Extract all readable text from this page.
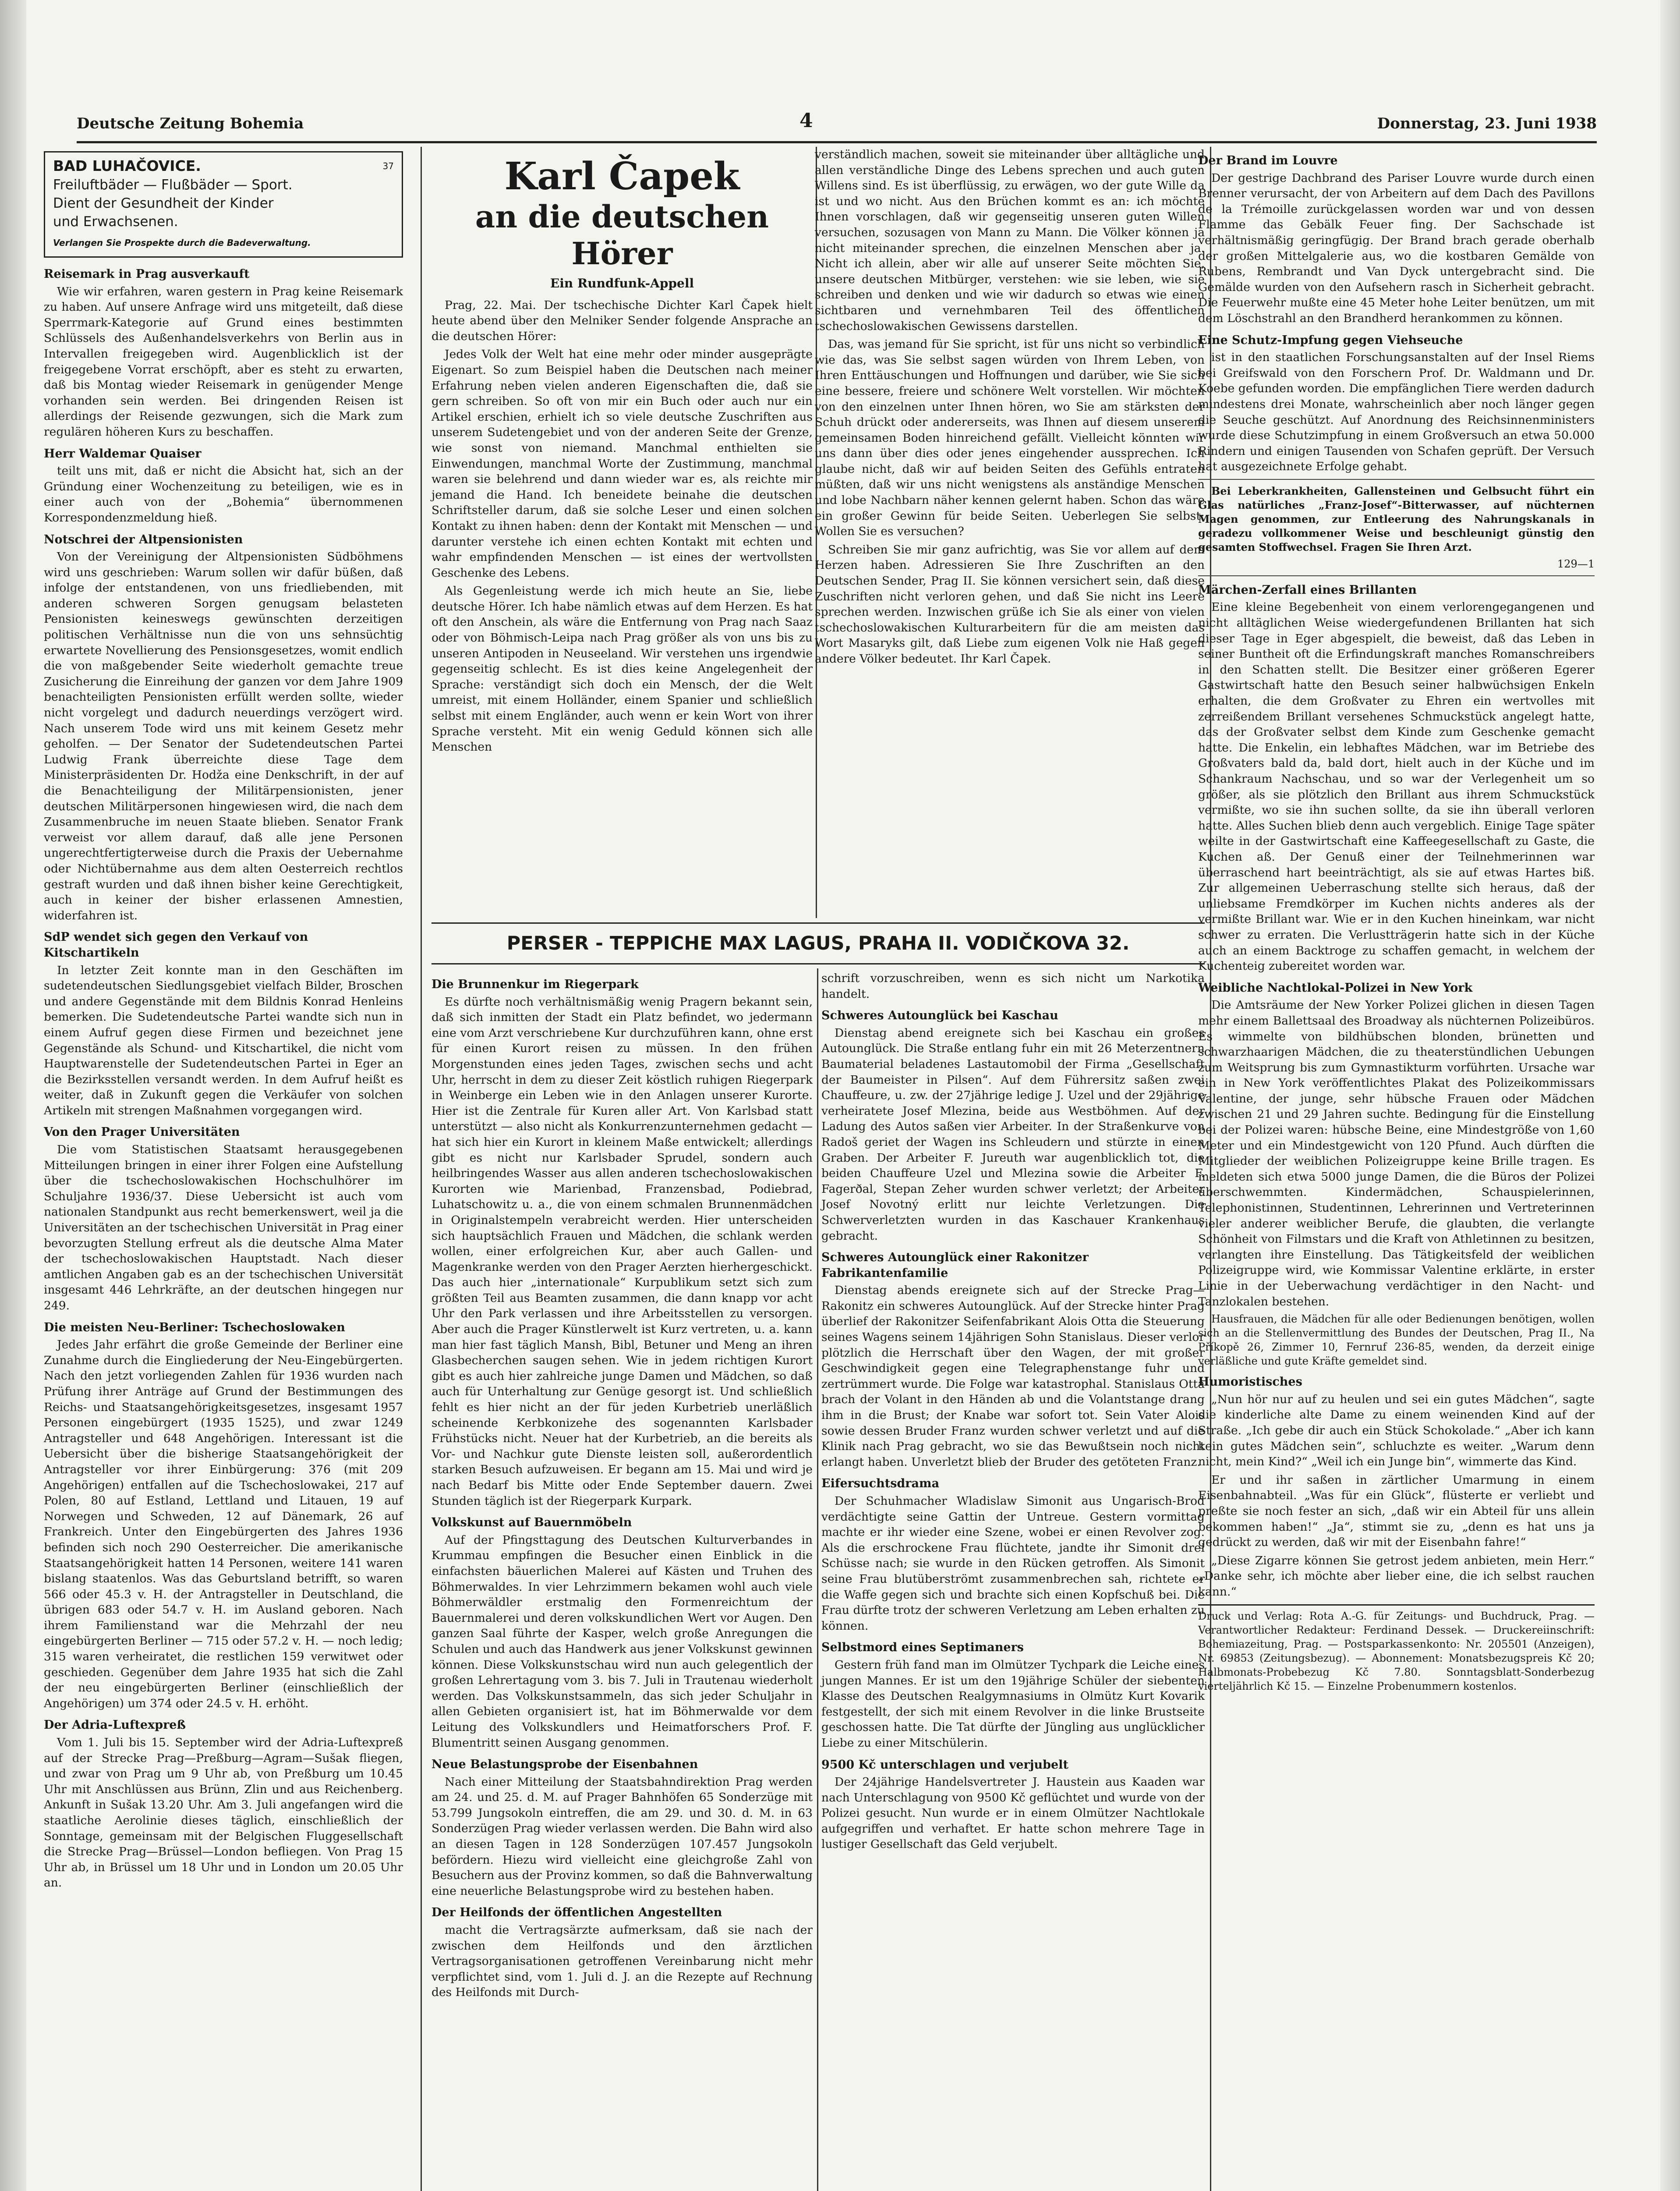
Deutsche Zeitung Bohemia	4	Donnerstag, 23. Juni 1938
BAD LUHAČOVICE.	37
Freiluftbäder — Flußbäder — Sport.
Dient der Gesundheit der Kinder
und Erwachsenen.
Verlangen Sie Prospekte durch die Badeverwaltung.
Reisemark in Prag ausverkauft

Wie wir erfahren, waren gestern in Prag keine Reisemark zu haben. Auf unsere Anfrage wird uns mitgeteilt, daß diese Sperrmark-Kategorie auf Grund eines bestimmten Schlüssels des Außenhandelsverkehrs von Berlin aus in Intervallen freigegeben wird. Augenblicklich ist der freigegebene Vorrat erschöpft, aber es steht zu erwarten, daß bis Montag wieder Reisemark in genügender Menge vorhanden sein werden. Bei dringenden Reisen ist allerdings der Reisende gezwungen, sich die Mark zum regulären höheren Kurs zu beschaffen.

Herr Waldemar Quaiser

teilt uns mit, daß er nicht die Absicht hat, sich an der Gründung einer Wochenzeitung zu beteiligen, wie es in einer auch von der „Bohemia“ übernommenen Korrespondenzmeldung hieß.

Notschrei der Altpensionisten

Von der Vereinigung der Altpensionisten Südböhmens wird uns geschrieben: Warum sollen wir dafür büßen, daß infolge der entstandenen, von uns friedliebenden, mit anderen schweren Sorgen genugsam belasteten Pensionisten keineswegs gewünschten derzeitigen politischen Verhältnisse nun die von uns sehnsüchtig erwartete Novellierung des Pensionsgesetzes, womit endlich die von maßgebender Seite wiederholt gemachte treue Zusicherung die Einreihung der ganzen vor dem Jahre 1909 benachteiligten Pensionisten erfüllt werden sollte, wieder nicht vorgelegt und dadurch neuerdings verzögert wird. Nach unserem Tode wird uns mit keinem Gesetz mehr geholfen. — Der Senator der Sudetendeutschen Partei Ludwig Frank überreichte diese Tage dem Ministerpräsidenten Dr. Hodža eine Denkschrift, in der auf die Benachteiligung der Militärpensionisten, jener deutschen Militärpersonen hingewiesen wird, die nach dem Zusammenbruche im neuen Staate blieben. Senator Frank verweist vor allem darauf, daß alle jene Personen ungerechtfertigterweise durch die Praxis der Uebernahme oder Nichtübernahme aus dem alten Oesterreich rechtlos gestraft wurden und daß ihnen bisher keine Gerechtigkeit, auch in keiner der bisher erlassenen Amnestien, widerfahren ist.

SdP wendet sich gegen den Verkauf von Kitschartikeln

In letzter Zeit konnte man in den Geschäften im sudetendeutschen Siedlungsgebiet vielfach Bilder, Broschen und andere Gegenstände mit dem Bildnis Konrad Henleins bemerken. Die Sudetendeutsche Partei wandte sich nun in einem Aufruf gegen diese Firmen und bezeichnet jene Gegenstände als Schund- und Kitschartikel, die nicht vom Hauptwarenstelle der Sudetendeutschen Partei in Eger an die Bezirksstellen versandt werden. In dem Aufruf heißt es weiter, daß in Zukunft gegen die Verkäufer von solchen Artikeln mit strengen Maßnahmen vorgegangen wird.

Von den Prager Universitäten

Die vom Statistischen Staatsamt herausgegebenen Mitteilungen bringen in einer ihrer Folgen eine Aufstellung über die tschechoslowakischen Hochschulhörer im Schuljahre 1936/37. Diese Uebersicht ist auch vom nationalen Standpunkt aus recht bemerkenswert, weil ja die Universitäten an der tschechischen Universität in Prag einer bevorzugten Stellung erfreut als die deutsche Alma Mater der tschechoslowakischen Hauptstadt. Nach dieser amtlichen Angaben gab es an der tschechischen Universität insgesamt 446 Lehrkräfte, an der deutschen hingegen nur 249.

Die meisten Neu-Berliner: Tschechoslowaken

Jedes Jahr erfährt die große Gemeinde der Berliner eine Zunahme durch die Eingliederung der Neu-Eingebürgerten. Nach den jetzt vorliegenden Zahlen für 1936 wurden nach Prüfung ihrer Anträge auf Grund der Bestimmungen des Reichs- und Staatsangehörigkeitsgesetzes, insgesamt 1957 Personen eingebürgert (1935 1525), und zwar 1249 Antragsteller und 648 Angehörigen. Interessant ist die Uebersicht über die bisherige Staatsangehörigkeit der Antragsteller vor ihrer Einbürgerung: 376 (mit 209 Angehörigen) entfallen auf die Tschechoslowakei, 217 auf Polen, 80 auf Estland, Lettland und Litauen, 19 auf Norwegen und Schweden, 12 auf Dänemark, 26 auf Frankreich. Unter den Eingebürgerten des Jahres 1936 befinden sich noch 290 Oesterreicher. Die amerikanische Staatsangehörigkeit hatten 14 Personen, weitere 141 waren bislang staatenlos. Was das Geburtsland betrifft, so waren 566 oder 45.3 v. H. der Antragsteller in Deutschland, die übrigen 683 oder 54.7 v. H. im Ausland geboren. Nach ihrem Familienstand war die Mehrzahl der neu eingebürgerten Berliner — 715 oder 57.2 v. H. — noch ledig; 315 waren verheiratet, die restlichen 159 verwitwet oder geschieden. Gegenüber dem Jahre 1935 hat sich die Zahl der neu eingebürgerten Berliner (einschließlich der Angehörigen) um 374 oder 24.5 v. H. erhöht.

Der Adria-Luftexpreß

Vom 1. Juli bis 15. September wird der Adria-Luftexpreß auf der Strecke Prag—Preßburg—Agram—Sušak fliegen, und zwar von Prag um 9 Uhr ab, von Preßburg um 10.45 Uhr mit Anschlüssen aus Brünn, Zlin und aus Reichenberg. Ankunft in Sušak 13.20 Uhr. Am 3. Juli angefangen wird die staatliche Aerolinie dieses täglich, einschließlich der Sonntage, gemeinsam mit der Belgischen Fluggesellschaft die Strecke Prag—Brüssel—London befliegen. Von Prag 15 Uhr ab, in Brüssel um 18 Uhr und in London um 20.05 Uhr an.

Karl Čapek
an die deutschen Hörer
Ein Rundfunk-Appell

Prag, 22. Mai. Der tschechische Dichter Karl Čapek hielt heute abend über den Melniker Sender folgende Ansprache an die deutschen Hörer:

Jedes Volk der Welt hat eine mehr oder minder ausgeprägte Eigenart. So zum Beispiel haben die Deutschen nach meiner Erfahrung neben vielen anderen Eigenschaften die, daß sie gern schreiben. So oft von mir ein Buch oder auch nur ein Artikel erschien, erhielt ich so viele deutsche Zuschriften aus unserem Sudetengebiet und von der anderen Seite der Grenze, wie sonst von niemand. Manchmal enthielten sie Einwendungen, manchmal Worte der Zustimmung, manchmal waren sie belehrend und dann wieder war es, als reichte mir jemand die Hand. Ich beneidete beinahe die deutschen Schriftsteller darum, daß sie solche Leser und einen solchen Kontakt zu ihnen haben: denn der Kontakt mit Menschen — und darunter verstehe ich einen echten Kontakt mit echten und wahr empfindenden Menschen — ist eines der wertvollsten Geschenke des Lebens.

Als Gegenleistung werde ich mich heute an Sie, liebe deutsche Hörer. Ich habe nämlich etwas auf dem Herzen. Es hat oft den Anschein, als wäre die Entfernung von Prag nach Saaz oder von Böhmisch-Leipa nach Prag größer als von uns bis zu unseren Antipoden in Neuseeland. Wir verstehen uns irgendwie gegenseitig schlecht. Es ist dies keine Angelegenheit der Sprache: verständigt sich doch ein Mensch, der die Welt umreist, mit einem Holländer, einem Spanier und schließlich selbst mit einem Engländer, auch wenn er kein Wort von ihrer Sprache versteht. Mit ein wenig Geduld können sich alle Menschen

verständlich machen, soweit sie miteinander über alltägliche und allen verständliche Dinge des Lebens sprechen und auch guten Willens sind. Es ist überflüssig, zu erwägen, wo der gute Wille da ist und wo nicht. Aus den Brüchen kommt es an: ich möchte Ihnen vorschlagen, daß wir gegenseitig unseren guten Willen versuchen, sozusagen von Mann zu Mann. Die Völker können ja nicht miteinander sprechen, die einzelnen Menschen aber ja. Nicht ich allein, aber wir alle auf unserer Seite möchten Sie, unsere deutschen Mitbürger, verstehen: wie sie leben, wie sie schreiben und denken und wie wir dadurch so etwas wie einen sichtbaren und vernehmbaren Teil des öffentlichen tschechoslowakischen Gewissens darstellen.

Das, was jemand für Sie spricht, ist für uns nicht so verbindlich wie das, was Sie selbst sagen würden von Ihrem Leben, von Ihren Enttäuschungen und Hoffnungen und darüber, wie Sie sich eine bessere, freiere und schönere Welt vorstellen. Wir möchten von den einzelnen unter Ihnen hören, wo Sie am stärksten der Schuh drückt oder andererseits, was Ihnen auf diesem unserem gemeinsamen Boden hinreichend gefällt. Vielleicht könnten wir uns dann über dies oder jenes eingehender aussprechen. Ich glaube nicht, daß wir auf beiden Seiten des Gefühls entraten müßten, daß wir uns nicht wenigstens als anständige Menschen und lobe Nachbarn näher kennen gelernt haben. Schon das wäre ein großer Gewinn für beide Seiten. Ueberlegen Sie selbst: Wollen Sie es versuchen?

Schreiben Sie mir ganz aufrichtig, was Sie vor allem auf dem Herzen haben. Adressieren Sie Ihre Zuschriften an den Deutschen Sender, Prag II. Sie können versichert sein, daß diese Zuschriften nicht verloren gehen, und daß Sie nicht ins Leere sprechen werden. Inzwischen grüße ich Sie als einer von vielen tschechoslowakischen Kulturarbeitern für die am meisten das Wort Masaryks gilt, daß Liebe zum eigenen Volk nie Haß gegen andere Völker bedeutet. Ihr Karl Čapek.

PERSER - TEPPICHE MAX LAGUS, PRAHA II. VODIČKOVA 32.
Die Brunnenkur im Riegerpark

Es dürfte noch verhältnismäßig wenig Pragern bekannt sein, daß sich inmitten der Stadt ein Platz befindet, wo jedermann eine vom Arzt verschriebene Kur durchzuführen kann, ohne erst für einen Kurort reisen zu müssen. In den frühen Morgenstunden eines jeden Tages, zwischen sechs und acht Uhr, herrscht in dem zu dieser Zeit köstlich ruhigen Riegerpark in Weinberge ein Leben wie in den Anlagen unserer Kurorte. Hier ist die Zentrale für Kuren aller Art. Von Karlsbad statt unterstützt — also nicht als Konkurrenzunternehmen gedacht — hat sich hier ein Kurort in kleinem Maße entwickelt; allerdings gibt es nicht nur Karlsbader Sprudel, sondern auch heilbringendes Wasser aus allen anderen tschechoslowakischen Kurorten wie Marienbad, Franzensbad, Podiebrad, Luhatschowitz u. a., die von einem schmalen Brunnenmädchen in Originalstempeln verabreicht werden. Hier unterscheiden sich hauptsächlich Frauen und Mädchen, die schlank werden wollen, einer erfolgreichen Kur, aber auch Gallen- und Magenkranke werden von den Prager Aerzten hierhergeschickt. Das auch hier „internationale“ Kurpublikum setzt sich zum größten Teil aus Beamten zusammen, die dann knapp vor acht Uhr den Park verlassen und ihre Arbeitsstellen zu versorgen. Aber auch die Prager Künstlerwelt ist Kurz vertreten, u. a. kann man hier fast täglich Mansh, Bibl, Betuner und Meng an ihren Glasbecherchen saugen sehen. Wie in jedem richtigen Kurort gibt es auch hier zahlreiche junge Damen und Mädchen, so daß auch für Unterhaltung zur Genüge gesorgt ist. Und schließlich fehlt es hier nicht an der für jeden Kurbetrieb unerläßlich scheinende Kerbkonizehe des sogenannten Karlsbader Frühstücks nicht. Neuer hat der Kurbetrieb, an die bereits als Vor- und Nachkur gute Dienste leisten soll, außerordentlich starken Besuch aufzuweisen. Er begann am 15. Mai und wird je nach Bedarf bis Mitte oder Ende September dauern. Zwei Stunden täglich ist der Riegerpark Kurpark.

Volkskunst auf Bauernmöbeln

Auf der Pfingsttagung des Deutschen Kulturverbandes in Krummau empfingen die Besucher einen Einblick in die einfachsten bäuerlichen Malerei auf Kästen und Truhen des Böhmerwaldes. In vier Lehrzimmern bekamen wohl auch viele Böhmerwäldler erstmalig den Formenreichtum der Bauernmalerei und deren volkskundlichen Wert vor Augen. Den ganzen Saal führte der Kasper, welch große Anregungen die Schulen und auch das Handwerk aus jener Volkskunst gewinnen können. Diese Volkskunstschau wird nun auch gelegentlich der großen Lehrertagung vom 3. bis 7. Juli in Trautenau wiederholt werden. Das Volkskunstsammeln, das sich jeder Schuljahr in allen Gebieten organisiert ist, hat im Böhmerwalde vor dem Leitung des Volkskundlers und Heimatforschers Prof. F. Blumentritt seinen Ausgang genommen.

Neue Belastungsprobe der Eisenbahnen

Nach einer Mitteilung der Staatsbahndirektion Prag werden am 24. und 25. d. M. auf Prager Bahnhöfen 65 Sonderzüge mit 53.799 Jungsokoln eintreffen, die am 29. und 30. d. M. in 63 Sonderzügen Prag wieder verlassen werden. Die Bahn wird also an diesen Tagen in 128 Sonderzügen 107.457 Jungsokoln befördern. Hiezu wird vielleicht eine gleichgroße Zahl von Besuchern aus der Provinz kommen, so daß die Bahnverwaltung eine neuerliche Belastungsprobe wird zu bestehen haben.

Der Heilfonds der öffentlichen Angestellten

macht die Vertragsärzte aufmerksam, daß sie nach der zwischen dem Heilfonds und den ärztlichen Vertragsorganisationen getroffenen Vereinbarung nicht mehr verpflichtet sind, vom 1. Juli d. J. an die Rezepte auf Rechnung des Heilfonds mit Durch-

schrift vorzuschreiben, wenn es sich nicht um Narkotika handelt.

Schweres Autounglück bei Kaschau

Dienstag abend ereignete sich bei Kaschau ein großes Autounglück. Die Straße entlang fuhr ein mit 26 Meterzentnern Baumaterial beladenes Lastautomobil der Firma „Gesellschaft der Baumeister in Pilsen“. Auf dem Führersitz saßen zwei Chauffeure, u. zw. der 27jährige ledige J. Uzel und der 29jährige verheiratete Josef Mlezina, beide aus Westböhmen. Auf der Ladung des Autos saßen vier Arbeiter. In der Straßenkurve von Radoš geriet der Wagen ins Schleudern und stürzte in einen Graben. Der Arbeiter F. Jureuth war augenblicklich tot, die beiden Chauffeure Uzel und Mlezina sowie die Arbeiter F. Fagerðal, Stepan Zeher wurden schwer verletzt; der Arbeiter Josef Novotný erlitt nur leichte Verletzungen. Die Schwerverletzten wurden in das Kaschauer Krankenhaus gebracht.

Schweres Autounglück einer Rakonitzer Fabrikantenfamilie

Dienstag abends ereignete sich auf der Strecke Prag—Rakonitz ein schweres Autounglück. Auf der Strecke hinter Prag überlief der Rakonitzer Seifenfabrikant Alois Otta die Steuerung seines Wagens seinem 14jährigen Sohn Stanislaus. Dieser verlor plötzlich die Herrschaft über den Wagen, der mit großer Geschwindigkeit gegen eine Telegraphenstange fuhr und zertrümmert wurde. Die Folge war katastrophal. Stanislaus Otta brach der Volant in den Händen ab und die Volantstange drang ihm in die Brust; der Knabe war sofort tot. Sein Vater Alois sowie dessen Bruder Franz wurden schwer verletzt und auf die Klinik nach Prag gebracht, wo sie das Bewußtsein noch nicht erlangt haben. Unverletzt blieb der Bruder des getöteten Franz.

Eifersuchtsdrama

Der Schuhmacher Wladislaw Simonit aus Ungarisch-Brod verdächtigte seine Gattin der Untreue. Gestern vormittag machte er ihr wieder eine Szene, wobei er einen Revolver zog. Als die erschrockene Frau flüchtete, jandte ihr Simonit drei Schüsse nach; sie wurde in den Rücken getroffen. Als Simonit seine Frau blutüberströmt zusammenbrechen sah, richtete er die Waffe gegen sich und brachte sich einen Kopfschuß bei. Die Frau dürfte trotz der schweren Verletzung am Leben erhalten zu können.

Selbstmord eines Septimaners

Gestern früh fand man im Olmützer Tychpark die Leiche eines jungen Mannes. Er ist um den 19jährige Schüler der siebenten Klasse des Deutschen Realgymnasiums in Olmütz Kurt Kovarik festgestellt, der sich mit einem Revolver in die linke Brustseite geschossen hatte. Die Tat dürfte der Jüngling aus unglücklicher Liebe zu einer Mitschülerin.

9500 Kč unterschlagen und verjubelt

Der 24jährige Handelsvertreter J. Haustein aus Kaaden war nach Unterschlagung von 9500 Kč geflüchtet und wurde von der Polizei gesucht. Nun wurde er in einem Olmützer Nachtlokale aufgegriffen und verhaftet. Er hatte schon mehrere Tage in lustiger Gesellschaft das Geld verjubelt.

Der Brand im Louvre

Der gestrige Dachbrand des Pariser Louvre wurde durch einen Brenner verursacht, der von Arbeitern auf dem Dach des Pavillons de la Trémoille zurückgelassen worden war und von dessen Flamme das Gebälk Feuer fing. Der Sachschade ist verhältnismäßig geringfügig. Der Brand brach gerade oberhalb der großen Mittelgalerie aus, wo die kostbaren Gemälde von Rubens, Rembrandt und Van Dyck untergebracht sind. Die Gemälde wurden von den Aufsehern rasch in Sicherheit gebracht. Die Feuerwehr mußte eine 45 Meter hohe Leiter benützen, um mit dem Löschstrahl an den Brandherd herankommen zu können.

Eine Schutz-Impfung gegen Viehseuche

ist in den staatlichen Forschungsanstalten auf der Insel Riems bei Greifswald von den Forschern Prof. Dr. Waldmann und Dr. Koebe gefunden worden. Die empfänglichen Tiere werden dadurch mindestens drei Monate, wahrscheinlich aber noch länger gegen die Seuche geschützt. Auf Anordnung des Reichsinnenministers wurde diese Schutzimpfung in einem Großversuch an etwa 50.000 Rindern und einigen Tausenden von Schafen geprüft. Der Versuch hat ausgezeichnete Erfolge gehabt.

Bei Leberkrankheiten, Gallensteinen und Gelbsucht führt ein Glas natürliches „Franz-Josef“-Bitterwasser, auf nüchternen Magen genommen, zur Entleerung des Nahrungskanals in geradezu vollkommener Weise und beschleunigt günstig den gesamten Stoffwechsel. Fragen Sie Ihren Arzt.

129—1
Märchen-Zerfall eines Brillanten

Eine kleine Begebenheit von einem verlorengegangenen und nicht alltäglichen Weise wiedergefundenen Brillanten hat sich dieser Tage in Eger abgespielt, die beweist, daß das Leben in seiner Buntheit oft die Erfindungskraft manches Romanschreibers in den Schatten stellt. Die Besitzer einer größeren Egerer Gastwirtschaft hatte den Besuch seiner halbwüchsigen Enkeln erhalten, die dem Großvater zu Ehren ein wertvolles mit zerreißendem Brillant versehenes Schmuckstück angelegt hatte, das der Großvater selbst dem Kinde zum Geschenke gemacht hatte. Die Enkelin, ein lebhaftes Mädchen, war im Betriebe des Großvaters bald da, bald dort, hielt auch in der Küche und im Schankraum Nachschau, und so war der Verlegenheit um so größer, als sie plötzlich den Brillant aus ihrem Schmuckstück vermißte, wo sie ihn suchen sollte, da sie ihn überall verloren hatte. Alles Suchen blieb denn auch vergeblich. Einige Tage später weilte in der Gastwirtschaft eine Kaffeegesellschaft zu Gaste, die Kuchen aß. Der Genuß einer der Teilnehmerinnen war überraschend hart beeinträchtigt, als sie auf etwas Hartes biß. Zur allgemeinen Ueberraschung stellte sich heraus, daß der unliebsame Fremdkörper im Kuchen nichts anderes als der vermißte Brillant war. Wie er in den Kuchen hineinkam, war nicht schwer zu erraten. Die Verlustträgerin hatte sich in der Küche auch an einem Backtroge zu schaffen gemacht, in welchem der Kuchenteig zubereitet worden war.

Weibliche Nachtlokal-Polizei in New York

Die Amtsräume der New Yorker Polizei glichen in diesen Tagen mehr einem Ballettsaal des Broadway als nüchternen Polizeibüros. Es wimmelte von bildhübschen blonden, brünetten und schwarzhaarigen Mädchen, die zu theaterstündlichen Uebungen zum Weitsprung bis zum Gymnastikturm vorführten. Ursache war ein in New York veröffentlichtes Plakat des Polizeikommissars Valentine, der junge, sehr hübsche Frauen oder Mädchen zwischen 21 und 29 Jahren suchte. Bedingung für die Einstellung bei der Polizei waren: hübsche Beine, eine Mindestgröße von 1,60 Meter und ein Mindestgewicht von 120 Pfund. Auch dürften die Mitglieder der weiblichen Polizeigruppe keine Brille tragen. Es meldeten sich etwa 5000 junge Damen, die die Büros der Polizei überschwemmten. Kindermädchen, Schauspielerinnen, Telephonistinnen, Studentinnen, Lehrerinnen und Vertreterinnen vieler anderer weiblicher Berufe, die glaubten, die verlangte Schönheit von Filmstars und die Kraft von Athletinnen zu besitzen, verlangten ihre Einstellung. Das Tätigkeitsfeld der weiblichen Polizeigruppe wird, wie Kommissar Valentine erklärte, in erster Linie in der Ueberwachung verdächtiger in den Nacht- und Tanzlokalen bestehen.

Hausfrauen, die Mädchen für alle oder Bedienungen benötigen, wollen sich an die Stellenvermittlung des Bundes der Deutschen, Prag II., Na Příkopě 26, Zimmer 10, Fernruf 236-85, wenden, da derzeit einige verläßliche und gute Kräfte gemeldet sind.

Humoristisches

„Nun hör nur auf zu heulen und sei ein gutes Mädchen“, sagte die kinderliche alte Dame zu einem weinenden Kind auf der Straße. „Ich gebe dir auch ein Stück Schokolade.“ „Aber ich kann kein gutes Mädchen sein“, schluchzte es weiter. „Warum denn nicht, mein Kind?“ „Weil ich ein Junge bin“, wimmerte das Kind.

Er und ihr saßen in zärtlicher Umarmung in einem Eisenbahnabteil. „Was für ein Glück“, flüsterte er verliebt und preßte sie noch fester an sich, „daß wir ein Abteil für uns allein bekommen haben!“ „Ja“, stimmt sie zu, „denn es hat uns ja gedrückt zu werden, daß wir mit der Eisenbahn fahre!“

„Diese Zigarre können Sie getrost jedem anbieten, mein Herr.“ „Danke sehr, ich möchte aber lieber eine, die ich selbst rauchen kann.“

Druck und Verlag: Rota A.-G. für Zeitungs- und Buchdruck, Prag. — Verantwortlicher Redakteur: Ferdinand Dessek. — Druckereiinschrift: Bohemiazeitung, Prag. — Postsparkassenkonto: Nr. 205501 (Anzeigen), Nr. 69853 (Zeitungsbezug). — Abonnement: Monatsbezugspreis Kč 20; Halbmonats-Probebezug Kč 7.80. Sonntagsblatt-Sonderbezug vierteljährlich Kč 15. — Einzelne Probenummern kostenlos.
